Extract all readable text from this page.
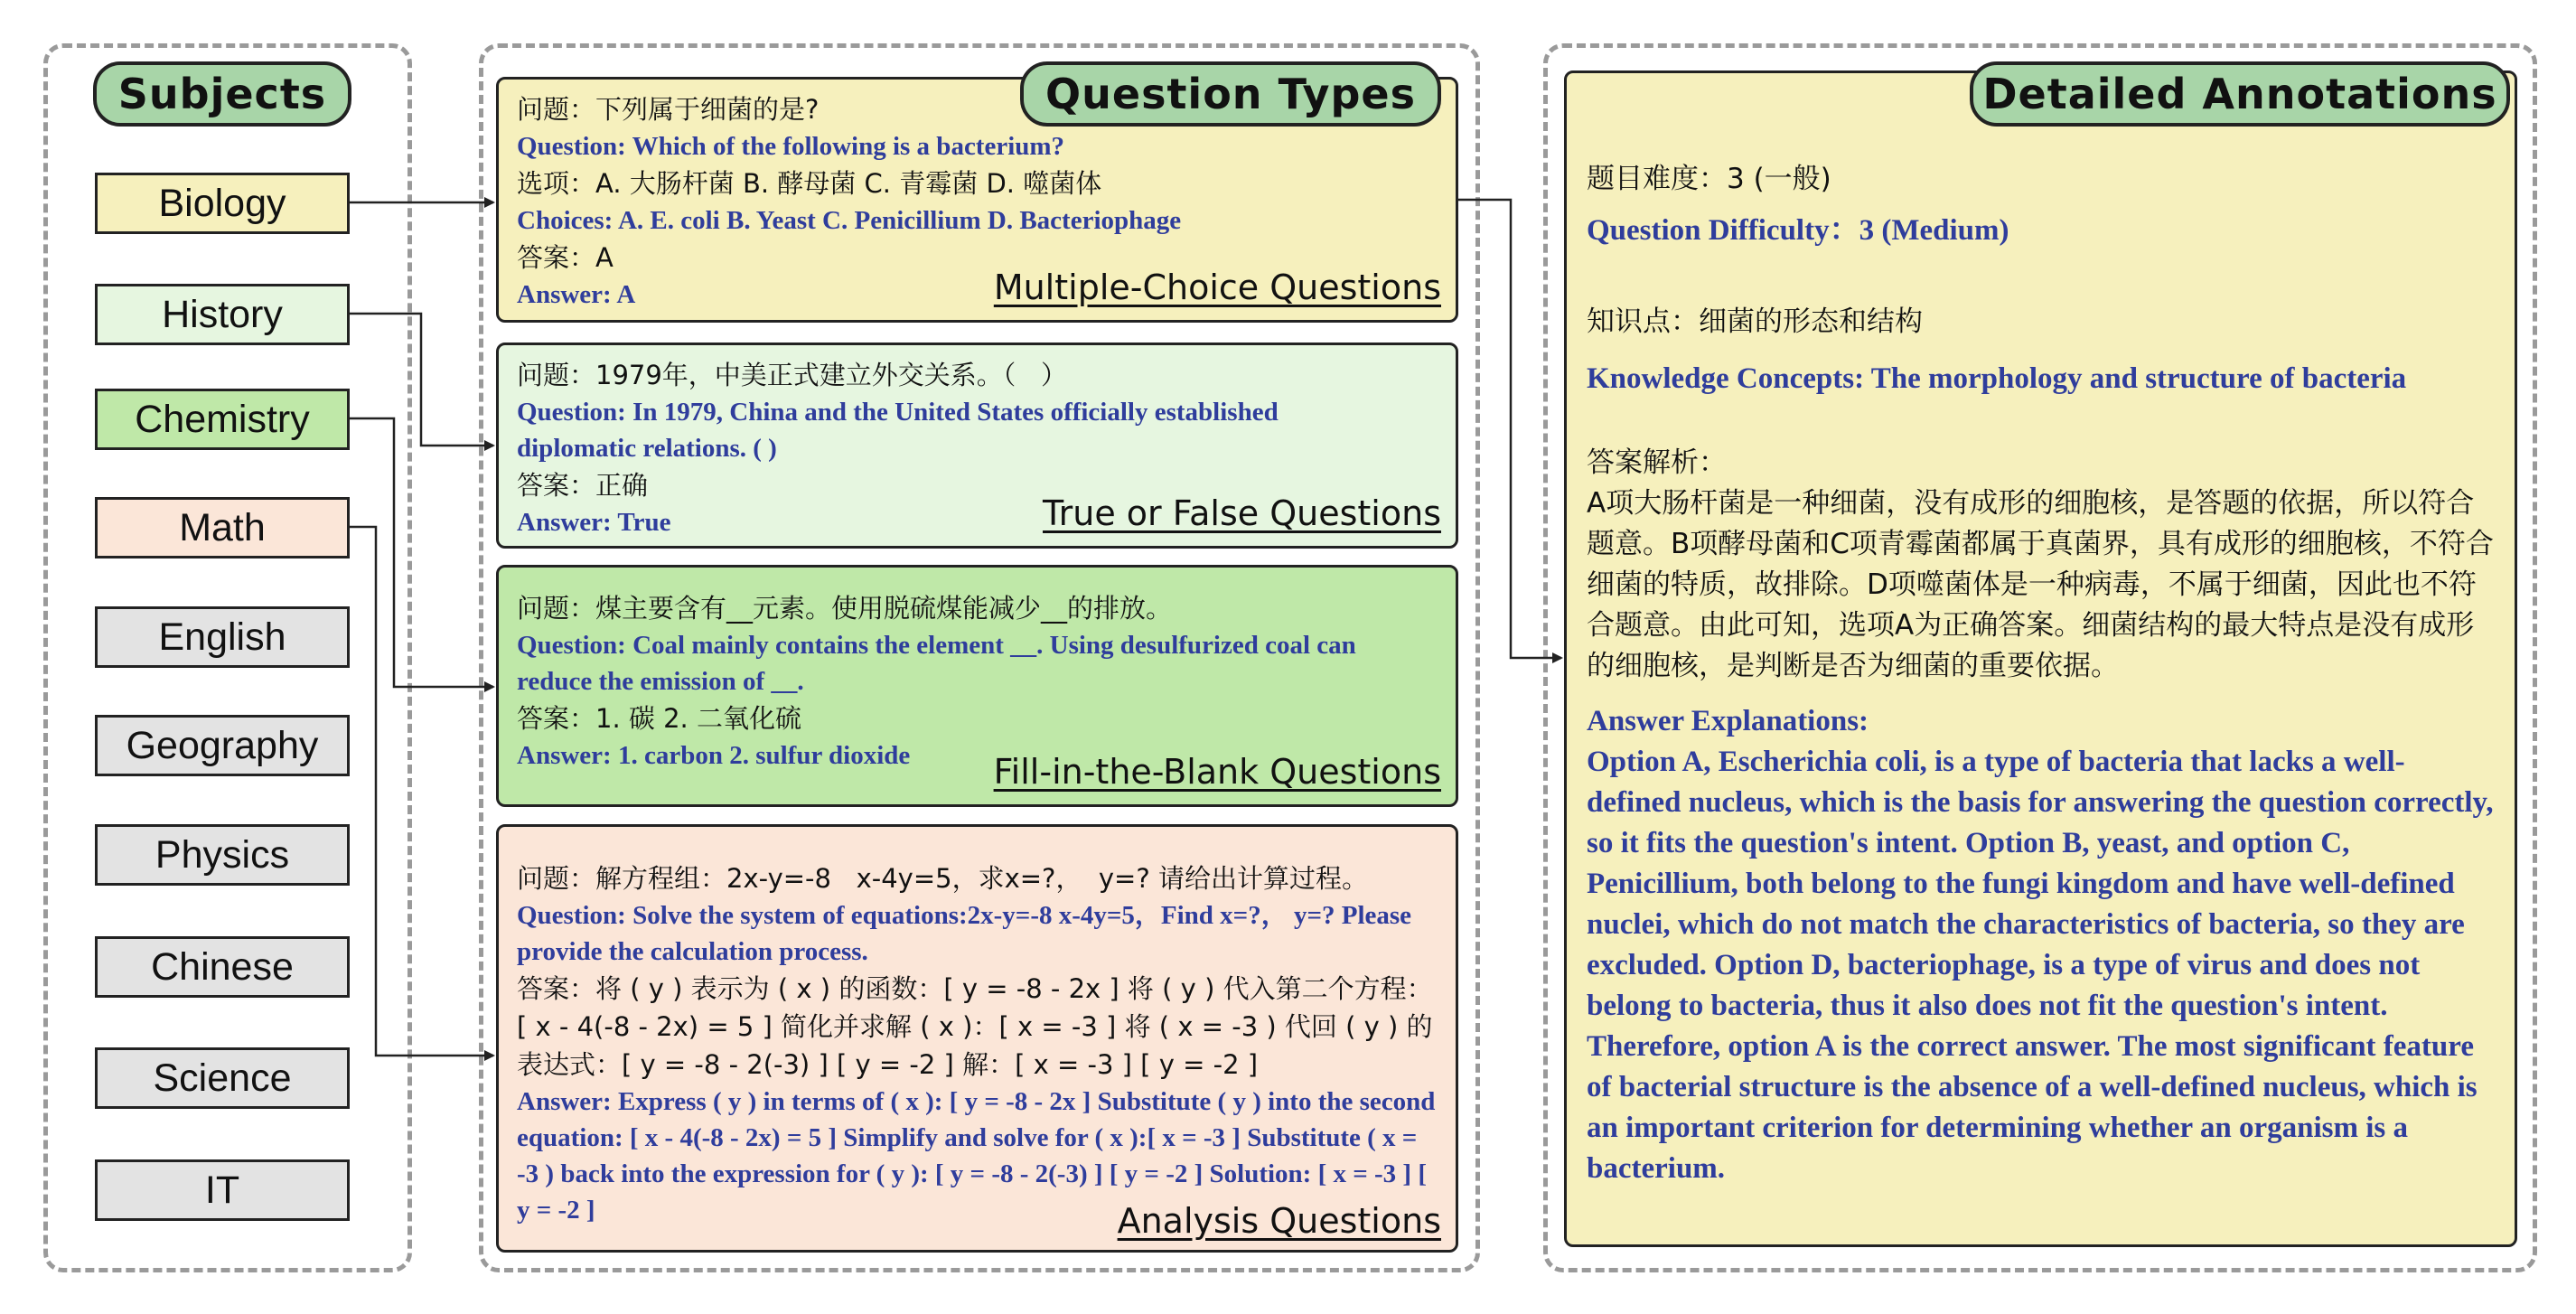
Subjects
Biology
History
Chemistry
Math
English
Geography
Physics
Chinese
Science
IT
问题：下列属于细菌的是?
Question: Which of the following is a bacterium?
选项：A. 大肠杆菌 B. 酵母菌 C. 青霉菌 D. 噬菌体
Choices: A. E. coli B. Yeast C. Penicillium D. Bacteriophage
答案：A
Answer: A	Multiple-Choice Questions
问题：1979年，中美正式建立外交关系。（   ）
Question: In 1979, China and the United States officially established diplomatic relations. ( )
答案：正确
Answer: True	True or False Questions
问题：煤主要含有__元素。使用脱硫煤能减少__的排放。
Question: Coal mainly contains the element __. Using desulfurized coal can reduce the emission of __.
答案：1. 碳 2. 二氧化硫
Answer: 1. carbon 2. sulfur dioxide	Fill-in-the-Blank Questions
问题：解方程组：2x-y=-8   x-4y=5，求x=?，  y=? 请给出计算过程。
Question: Solve the system of equations:2x-y=-8 x-4y=5，Find x=?， y=? Please provide the calculation process.
答案：将 ( y ) 表示为 ( x ) 的函数：[ y = -8 - 2x ] 将 ( y ) 代入第二个方程：[ x - 4(-8 - 2x) = 5 ] 简化并求解 ( x )：[ x = -3 ] 将 ( x = -3 ) 代回 ( y ) 的表达式：[ y = -8 - 2(-3) ] [ y = -2 ] 解：[ x = -3 ] [ y = -2 ]
Answer: Express ( y ) in terms of ( x ): [ y = -8 - 2x ] Substitute ( y ) into the second equation: [ x - 4(-8 - 2x) = 5 ] Simplify and solve for ( x ):[ x = -3 ] Substitute ( x = -3 ) back into the expression for ( y ): [ y = -8 - 2(-3) ] [ y = -2 ] Solution: [ x = -3 ] [ y = -2 ]	Analysis Questions
Question Types
题目难度：3 (一般)
Question Difficulty：3 (Medium)
知识点：细菌的形态和结构
Knowledge Concepts: The morphology and structure of bacteria
答案解析：
A项大肠杆菌是一种细菌，没有成形的细胞核，是答题的依据，所以符合题意。B项酵母菌和C项青霉菌都属于真菌界，具有成形的细胞核，不符合细菌的特质，故排除。D项噬菌体是一种病毒，不属于细菌，因此也不符合题意。由此可知，选项A为正确答案。细菌结构的最大特点是没有成形的细胞核，是判断是否为细菌的重要依据。
Answer Explanations:
Option A, Escherichia coli, is a type of bacteria that lacks a well-defined nucleus, which is the basis for answering the question correctly, so it fits the question's intent. Option B, yeast, and option C, Penicillium, both belong to the fungi kingdom and have well-defined nuclei, which do not match the characteristics of bacteria, so they are excluded. Option D, bacteriophage, is a type of virus and does not belong to bacteria, thus it also does not fit the question's intent. Therefore, option A is the correct answer. The most significant feature of bacterial structure is the absence of a well-defined nucleus, which is an important criterion for determining whether an organism is a bacterium.
Detailed Annotations
